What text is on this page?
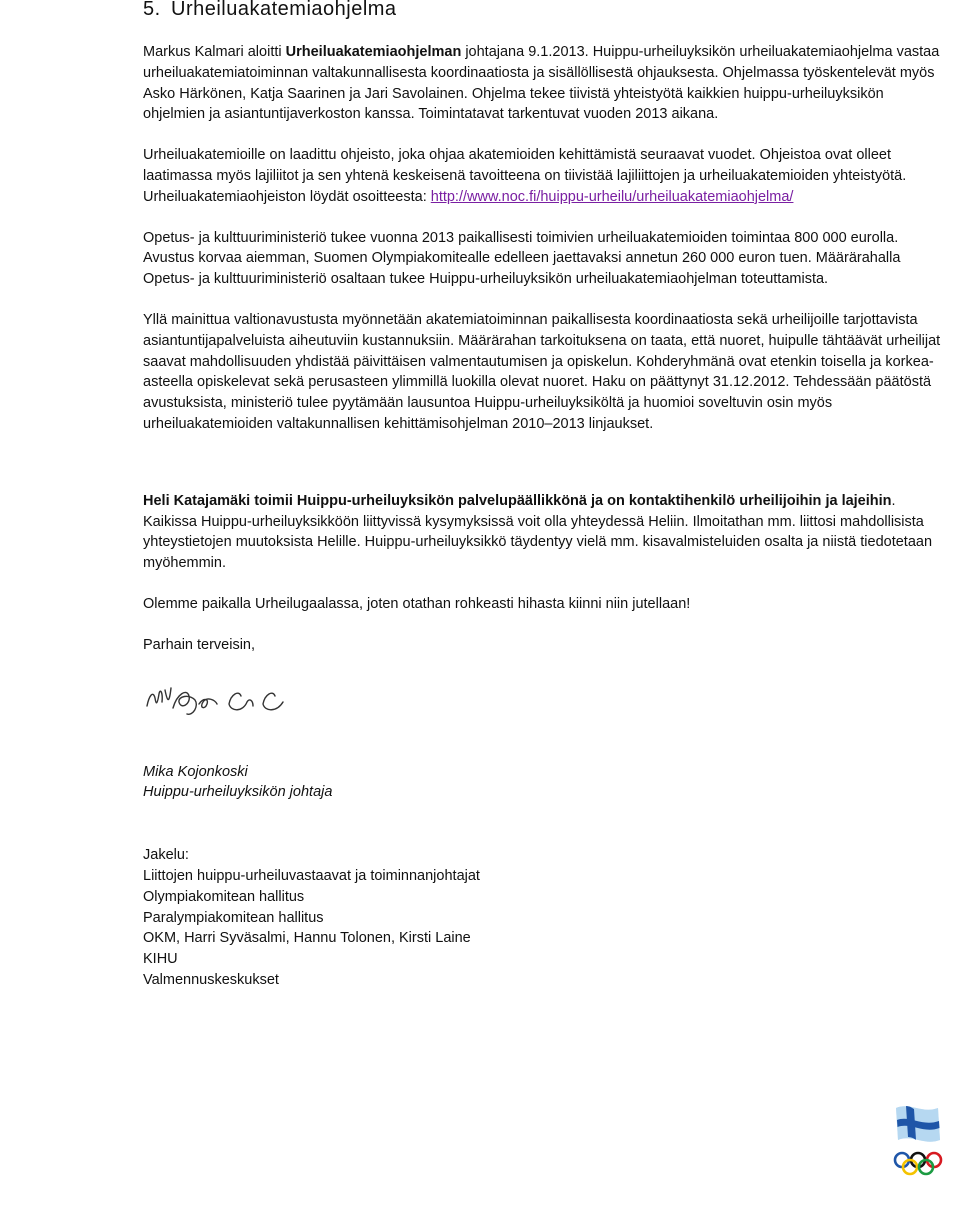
5. Urheiluakatemiaohjelma

Markus Kalmari aloitti Urheiluakatemiaohjelman johtajana 9.1.2013. Huippu-urheiluyksikön urheiluakatemiaohjelma vastaa urheiluakatemiatoiminnan valtakunnallisesta koordinaatiosta ja sisällöllisestä ohjauksesta. Ohjelmassa työskentelevät myös Asko Härkönen, Katja Saarinen ja Jari Savolainen. Ohjelma tekee tiivistä yhteistyötä kaikkien huippu-urheiluyksikön ohjelmien ja asiantuntijaverkoston kanssa. Toimintatavat tarkentuvat vuoden 2013 aikana.

Urheiluakatemioille on laadittu ohjeisto, joka ohjaa akatemioiden kehittämistä seuraavat vuodet. Ohjeistoa ovat olleet laatimassa myös lajiliitot ja sen yhtenä keskeisenä tavoitteena on tiivistää lajiliittojen ja urheiluakatemioiden yhteistyötä. Urheiluakatemiaohjeiston löydät osoitteesta: http://www.noc.fi/huippu-urheilu/urheiluakatemiaohjelma/

Opetus- ja kulttuuriministeriö tukee vuonna 2013 paikallisesti toimivien urheiluakatemioiden toimintaa 800 000 eurolla. Avustus korvaa aiemman, Suomen Olympiakomitealle edelleen jaettavaksi annetun 260 000 euron tuen. Määrärahalla Opetus- ja kulttuuriministeriö osaltaan tukee Huippu-urheiluyksikön urheiluakatemiaohjelman toteuttamista.

Yllä mainittua valtionavustusta myönnetään akatemiatoiminnan paikallisesta koordinaatiosta sekä urheilijoille tarjottavista asiantuntijapalveluista aiheutuviin kustannuksiin. Määrärahan tarkoituksena on taata, että nuoret, huipulle tähtäävät urheilijat saavat mahdollisuuden yhdistää päivittäisen valmentautumisen ja opiskelun. Kohderyhmänä ovat etenkin toisella ja korkea-asteella opiskelevat sekä perusasteen ylimmillä luokilla olevat nuoret. Haku on päättynyt 31.12.2012. Tehdessään päätöstä avustuksista, ministeriö tulee pyytämään lausuntoa Huippu-urheiluyksiköltä ja huomioi soveltuvin osin myös urheiluakatemioiden valtakunnallisen kehittämisohjelman 2010–2013 linjaukset.

Heli Katajamäki toimii Huippu-urheiluyksikön palvelupäällikkönä ja on kontaktihenkilö urheilijoihin ja lajeihin. Kaikissa Huippu-urheiluyksikköön liittyvissä kysymyksissä voit olla yhteydessä Heliin. Ilmoitathan mm. liittosi mahdollisista yhteystietojen muutoksista Helille. Huippu-urheiluyksikkö täydentyy vielä mm. kisavalmisteluiden osalta ja niistä tiedotetaan myöhemmin.

Olemme paikalla Urheilugaalassa, joten otathan rohkeasti hihasta kiinni niin jutellaan!

Parhain terveisin,

Mika Kojonkoski

Huippu-urheiluyksikön johtaja

Jakelu:
Liittojen huippu-urheiluvastaavat ja toiminnanjohtajat
Olympiakomitean hallitus
Paralympiakomitean hallitus
OKM, Harri Syväsalmi, Hannu Tolonen, Kirsti Laine
KIHU
Valmennuskeskukset
